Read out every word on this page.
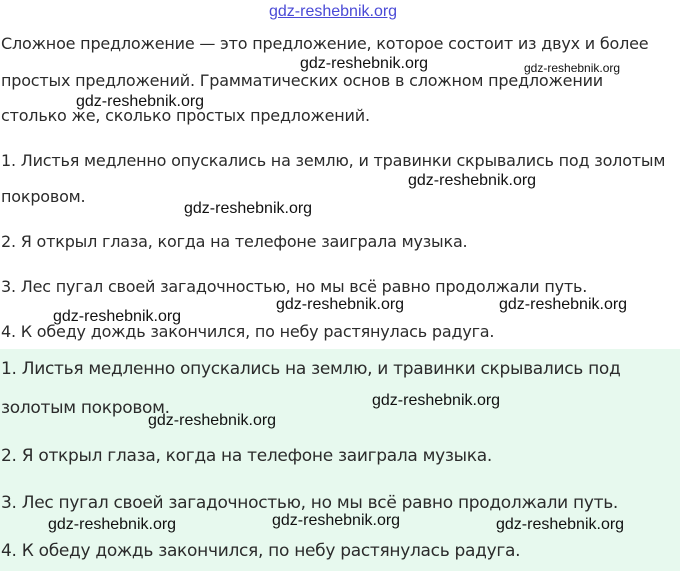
gdz-reshebnik.org

Сложное предложение — это предложение, которое состоит из двух и более

простых предложений. Грамматических основ в сложном предложении

столько же, сколько простых предложений.

1. Листья медленно опускались на землю, и травинки скрывались под золотым

покровом.

2. Я открыл глаза, когда на телефоне заиграла музыка.

3. Лес пугал своей загадочностью, но мы всё равно продолжали путь.

4. К обеду дождь закончился, по небу растянулась радуга.

1. Листья медленно опускались на землю, и травинки скрывались под

золотым покровом.

2. Я открыл глаза, когда на телефоне заиграла музыка.

3. Лес пугал своей загадочностью, но мы всё равно продолжали путь.

4. К обеду дождь закончился, по небу растянулась радуга.

gdz-reshebnik.org	gdz-reshebnik.org
gdz-reshebnik.org
gdz-reshebnik.org
gdz-reshebnik.org
gdz-reshebnik.org	gdz-reshebnik.org
gdz-reshebnik.org
gdz-reshebnik.org
gdz-reshebnik.org
gdz-reshebnik.org
gdz-reshebnik.org	gdz-reshebnik.org
